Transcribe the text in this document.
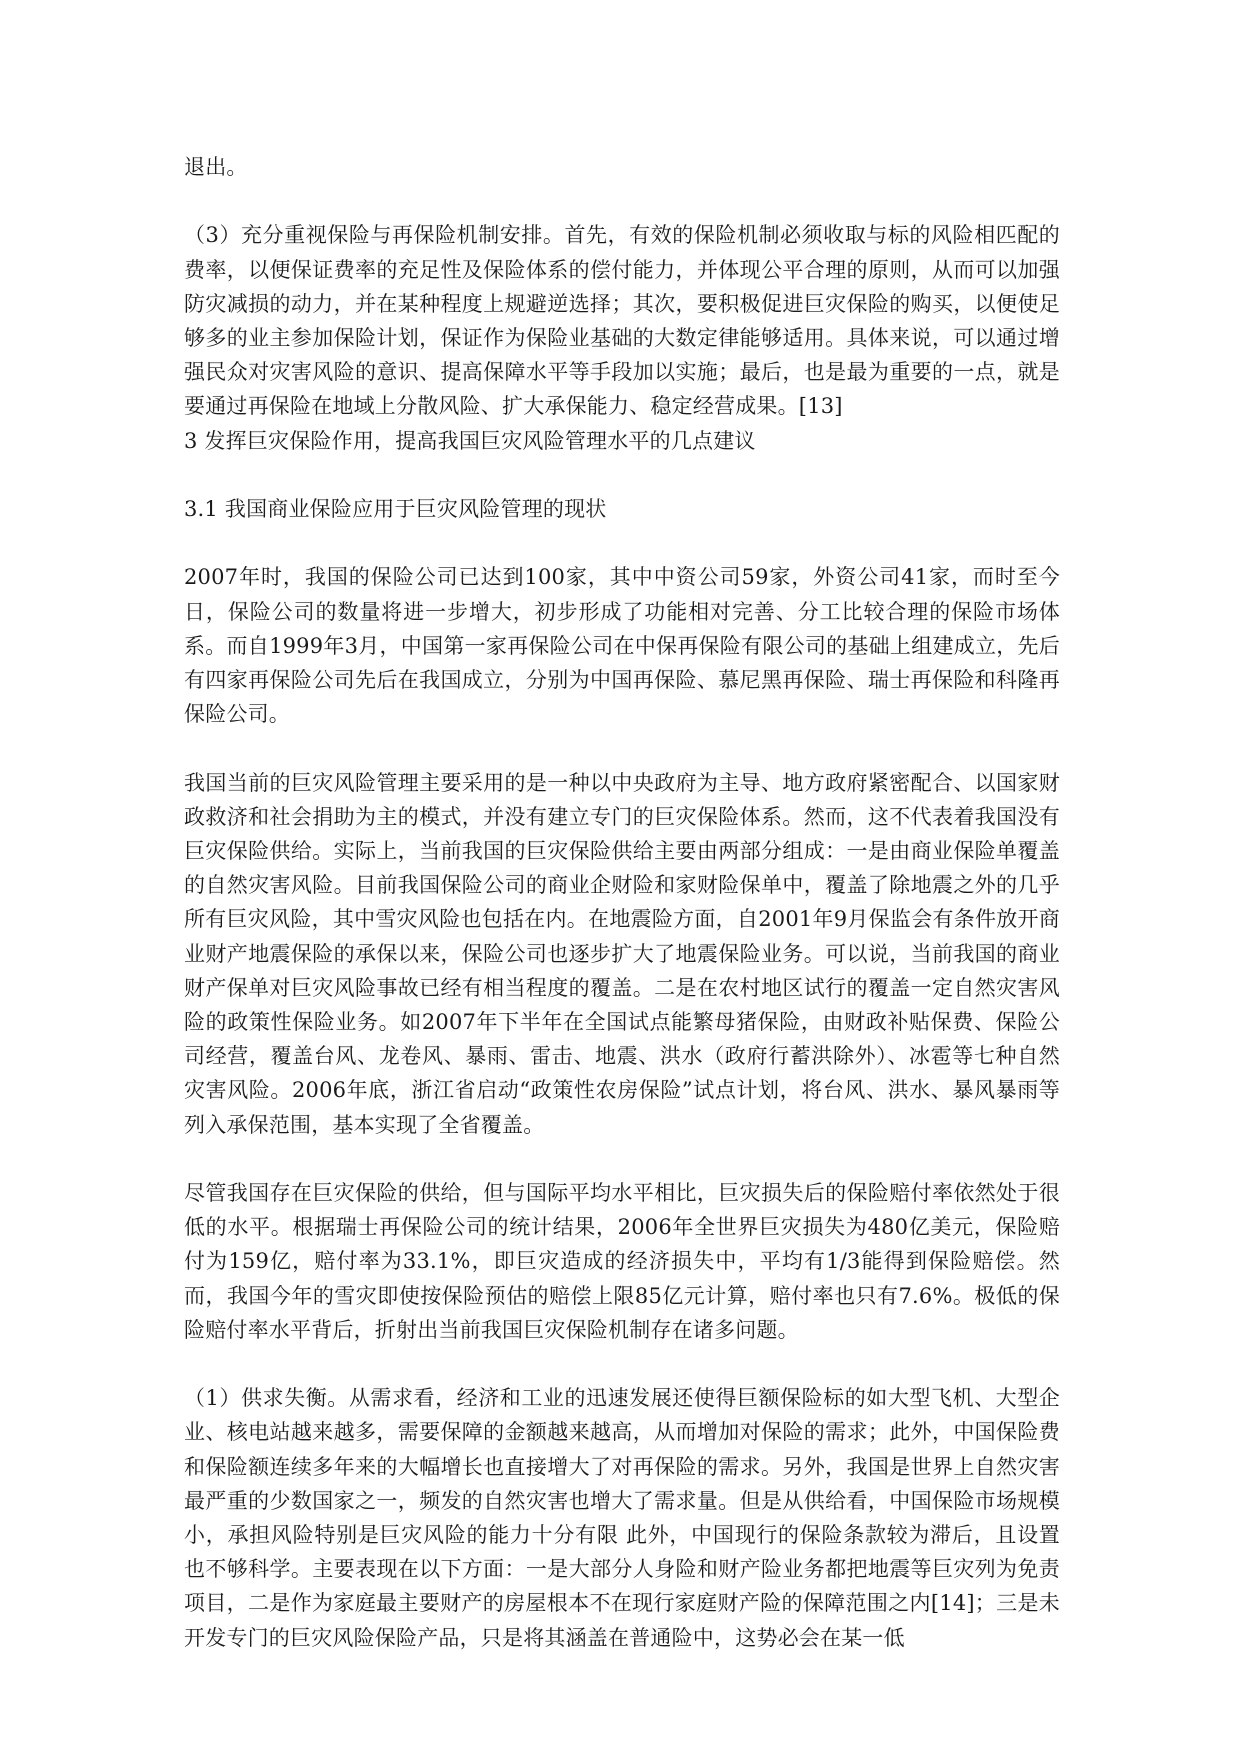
退出。

（3）充分重视保险与再保险机制安排。首先，有效的保险机制必须收取与标的风险相匹配的费率，以便保证费率的充足性及保险体系的偿付能力，并体现公平合理的原则，从而可以加强防灾减损的动力，并在某种程度上规避逆选择；其次，要积极促进巨灾保险的购买，以便使足够多的业主参加保险计划，保证作为保险业基础的大数定律能够适用。具体来说，可以通过增强民众对灾害风险的意识、提高保障水平等手段加以实施；最后，也是最为重要的一点，就是要通过再保险在地域上分散风险、扩大承保能力、稳定经营成果。[13]

3 发挥巨灾保险作用，提高我国巨灾风险管理水平的几点建议

3.1 我国商业保险应用于巨灾风险管理的现状

2007年时，我国的保险公司已达到100家，其中中资公司59家，外资公司41家，而时至今日，保险公司的数量将进一步增大，初步形成了功能相对完善、分工比较合理的保险市场体系。而自1999年3月，中国第一家再保险公司在中保再保险有限公司的基础上组建成立，先后有四家再保险公司先后在我国成立，分别为中国再保险、慕尼黑再保险、瑞士再保险和科隆再保险公司。

我国当前的巨灾风险管理主要采用的是一种以中央政府为主导、地方政府紧密配合、以国家财政救济和社会捐助为主的模式，并没有建立专门的巨灾保险体系。然而，这不代表着我国没有巨灾保险供给。实际上，当前我国的巨灾保险供给主要由两部分组成：一是由商业保险单覆盖的自然灾害风险。目前我国保险公司的商业企财险和家财险保单中，覆盖了除地震之外的几乎所有巨灾风险，其中雪灾风险也包括在内。在地震险方面，自2001年9月保监会有条件放开商业财产地震保险的承保以来，保险公司也逐步扩大了地震保险业务。可以说，当前我国的商业财产保单对巨灾风险事故已经有相当程度的覆盖。二是在农村地区试行的覆盖一定自然灾害风险的政策性保险业务。如2007年下半年在全国试点能繁母猪保险，由财政补贴保费、保险公司经营，覆盖台风、龙卷风、暴雨、雷击、地震、洪水（政府行蓄洪除外）、冰雹等七种自然灾害风险。2006年底，浙江省启动“政策性农房保险”试点计划，将台风、洪水、暴风暴雨等列入承保范围，基本实现了全省覆盖。

尽管我国存在巨灾保险的供给，但与国际平均水平相比，巨灾损失后的保险赔付率依然处于很低的水平。根据瑞士再保险公司的统计结果，2006年全世界巨灾损失为480亿美元，保险赔付为159亿，赔付率为33.1%，即巨灾造成的经济损失中，平均有1/3能得到保险赔偿。然而，我国今年的雪灾即使按保险预估的赔偿上限85亿元计算，赔付率也只有7.6%。极低的保险赔付率水平背后，折射出当前我国巨灾保险机制存在诸多问题。

（1）供求失衡。从需求看，经济和工业的迅速发展还使得巨额保险标的如大型飞机、大型企业、核电站越来越多，需要保障的金额越来越高，从而增加对保险的需求；此外，中国保险费和保险额连续多年来的大幅增长也直接增大了对再保险的需求。另外，我国是世界上自然灾害最严重的少数国家之一，频发的自然灾害也增大了需求量。但是从供给看，中国保险市场规模小，承担风险特别是巨灾风险的能力十分有限 此外，中国现行的保险条款较为滞后，且设置也不够科学。主要表现在以下方面：一是大部分人身险和财产险业务都把地震等巨灾列为免责项目，二是作为家庭最主要财产的房屋根本不在现行家庭财产险的保障范围之内[14]；三是未开发专门的巨灾风险保险产品，只是将其涵盖在普通险中，这势必会在某一低
